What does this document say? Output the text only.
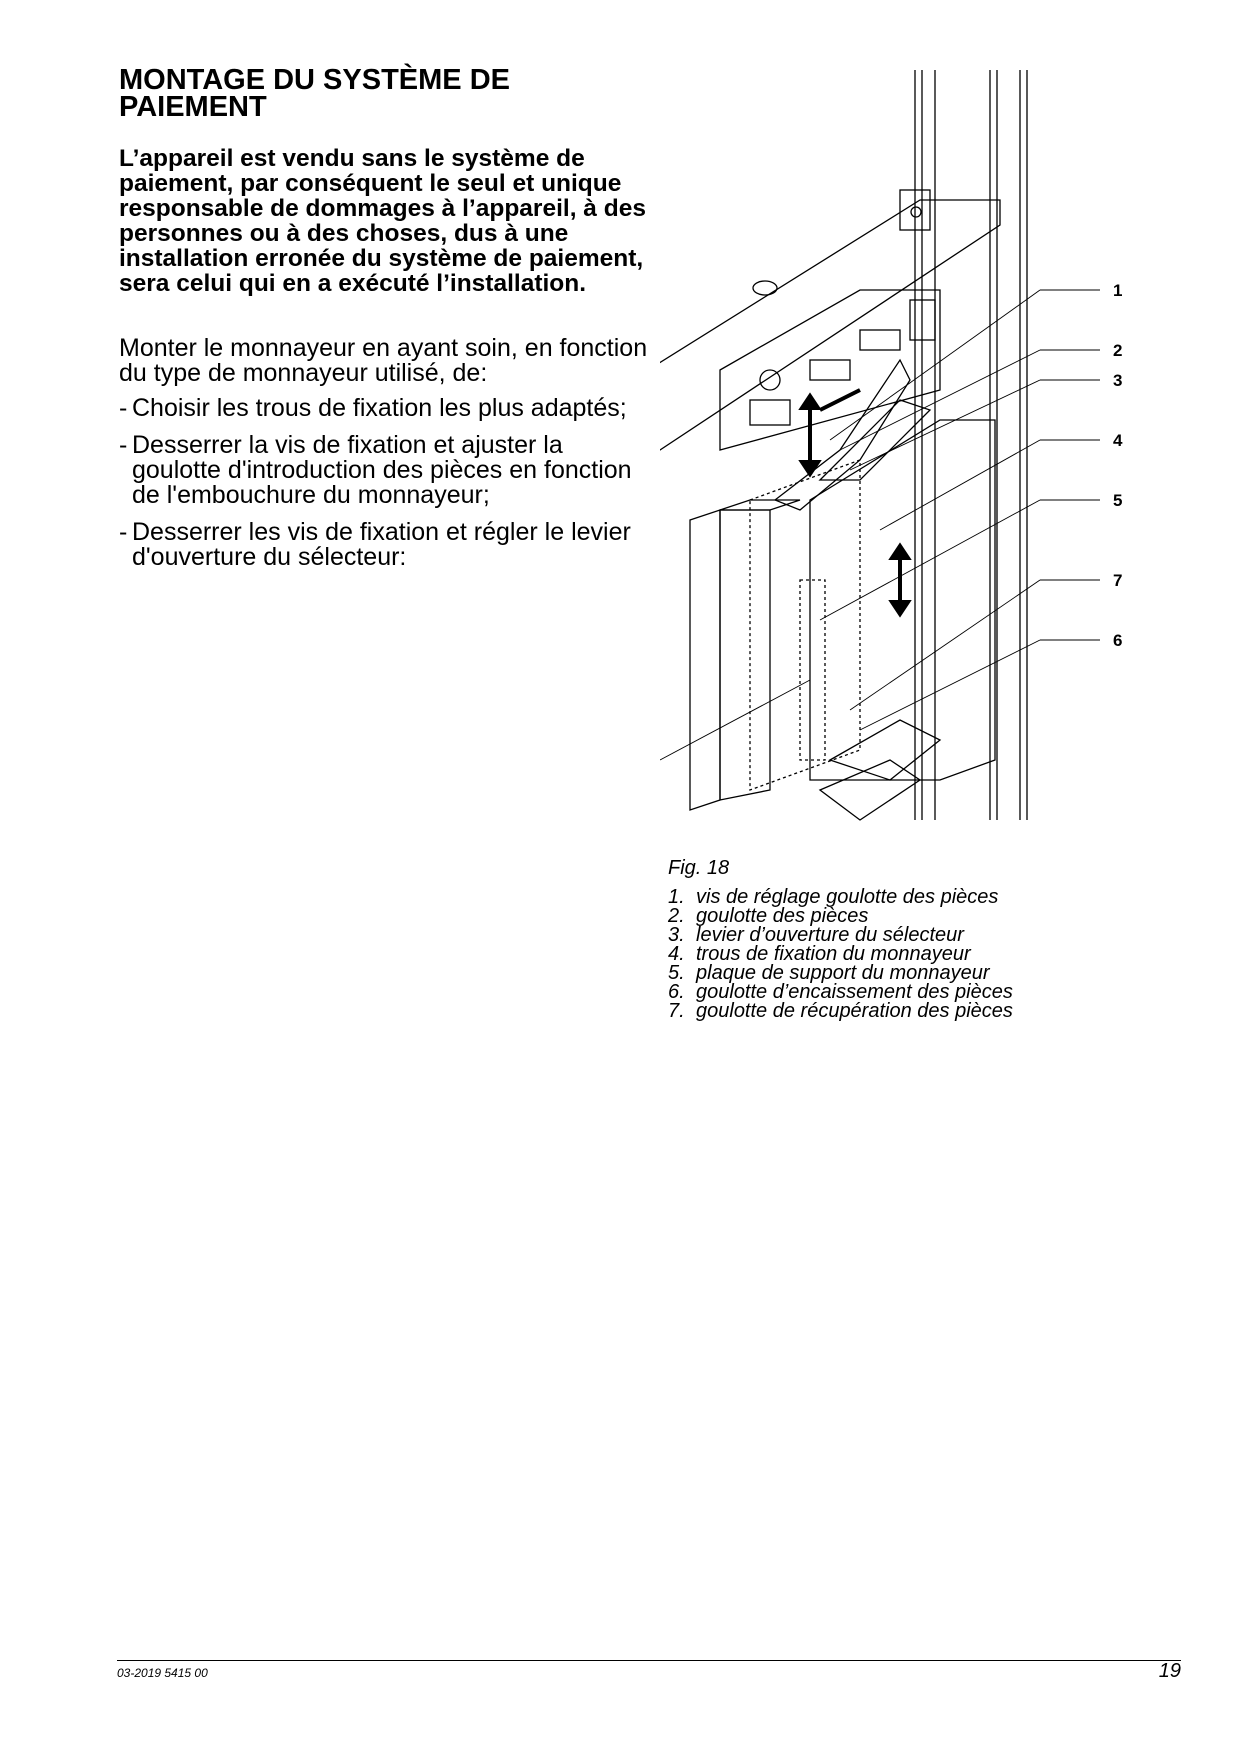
MONTAGE DU SYSTÈME DE PAIEMENT

L’appareil est vendu sans le système de paiement, par conséquent le seul et unique responsable de dommages à l’appareil, à des personnes ou à des choses, dus à une installation erronée du système de paiement, sera celui qui en a exécuté l’installation.

Monter le monnayeur en ayant soin, en fonction du type de monnayeur utilisé, de:

- Choisir les trous de fixation les plus adaptés;
- Desserrer la vis de fixation et ajuster la goulotte d'introduction des pièces en fonction de l'embouchure du monnayeur;
- Desserrer les vis de fixation et régler le levier d'ouverture du sélecteur:
1
2
3
4
5
7
6

Fig. 18

1. vis de réglage goulotte des pièces
2. goulotte des pièces
3. levier d’ouverture du sélecteur
4. trous de fixation du monnayeur
5. plaque de support du monnayeur
6. goulotte d’encaissement des pièces
7. goulotte de récupération des pièces
03-2019 5415 00	19
